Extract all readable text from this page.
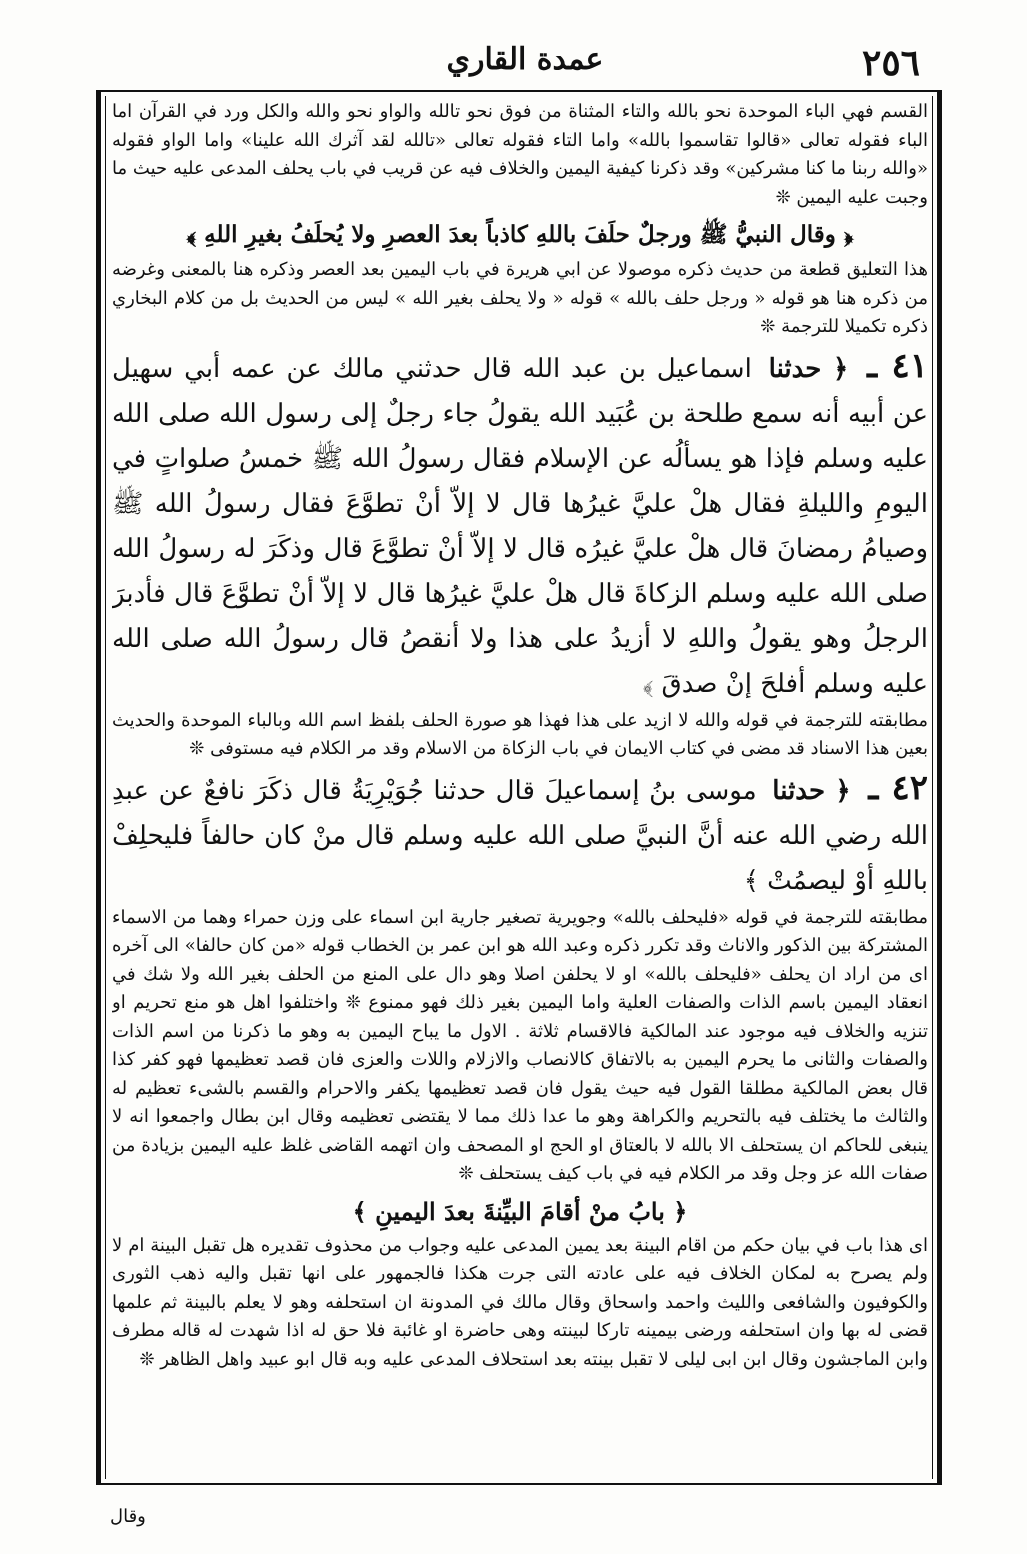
عمدة القاري	٢٥٦

القسم فهي الباء الموحدة نحو بالله والتاء المثناة من فوق نحو تالله والواو نحو والله والكل ورد في القرآن اما الباء فقوله تعالى «قالوا تقاسموا بالله» واما التاء فقوله تعالى «تالله لقد آثرك الله علينا» واما الواو فقوله «والله ربنا ما كنا مشركين» وقد ذكرنا كيفية اليمين والخلاف فيه عن قريب في باب يحلف المدعى عليه حيث ما وجبت عليه اليمين ❊

﴿ وقال النبيُّ ﷺ ورجلٌ حلَفَ باللهِ كاذباً بعدَ العصرِ ولا يُحلَفُ بغيرِ اللهِ ﴾

هذا التعليق قطعة من حديث ذكره موصولا عن ابي هريرة في باب اليمين بعد العصر وذكره هنا بالمعنى وغرضه من ذكره هنا هو قوله « ورجل حلف بالله » قوله « ولا يحلف بغير الله » ليس من الحديث بل من كلام البخاري ذكره تكميلا للترجمة ❊

٤١ ـ ﴿ حدثنا اسماعيل بن عبد الله قال حدثني مالك عن عمه أبي سهيل عن أبيه أنه سمع طلحة بن عُبَيد الله يقولُ جاء رجلٌ إلى رسول الله صلى الله عليه وسلم فإذا هو يسألُه عن الإسلام فقال رسولُ الله ﷺ خمسُ صلواتٍ في اليومِ والليلةِ فقال هلْ عليَّ غيرُها قال لا إلاّ أنْ تطوَّعَ فقال رسولُ الله ﷺ وصيامُ رمضانَ قال هلْ عليَّ غيرُه قال لا إلاّ أنْ تطوَّعَ قال وذكَرَ له رسولُ الله صلى الله عليه وسلم الزكاةَ قال هلْ عليَّ غيرُها قال لا إلاّ أنْ تطوَّعَ قال فأدبرَ الرجلُ وهو يقولُ واللهِ لا أزيدُ على هذا ولا أنقصُ قال رسولُ الله صلى الله عليه وسلم أفلحَ إنْ صدقَ ﴾

مطابقته للترجمة في قوله والله لا ازيد على هذا فهذا هو صورة الحلف بلفظ اسم الله وبالباء الموحدة والحديث بعين هذا الاسناد قد مضى في كتاب الايمان في باب الزكاة من الاسلام وقد مر الكلام فيه مستوفى ❊

٤٢ ـ ﴿ حدثنا موسى بنُ إسماعيلَ قال حدثنا جُوَيْرِيَةُ قال ذكَرَ نافعٌ عن عبدِ الله رضي الله عنه أنَّ النبيَّ صلى الله عليه وسلم قال منْ كان حالفاً فليحلِفْ باللهِ أوْ ليصمُتْ ﴾

مطابقته للترجمة في قوله «فليحلف بالله» وجويرية تصغير جارية ابن اسماء على وزن حمراء وهما من الاسماء المشتركة بين الذكور والاناث وقد تكرر ذكره وعبد الله هو ابن عمر بن الخطاب قوله «من كان حالفا» الى آخره اى من اراد ان يحلف «فليحلف بالله» او لا يحلفن اصلا وهو دال على المنع من الحلف بغير الله ولا شك في انعقاد اليمين باسم الذات والصفات العلية واما اليمين بغير ذلك فهو ممنوع ❊ واختلفوا اهل هو منع تحريم او تنزيه والخلاف فيه موجود عند المالكية فالاقسام ثلاثة . الاول ما يباح اليمين به وهو ما ذكرنا من اسم الذات والصفات والثانى ما يحرم اليمين به بالاتفاق كالانصاب والازلام واللات والعزى فان قصد تعظيمها فهو كفر كذا قال بعض المالكية مطلقا القول فيه حيث يقول فان قصد تعظيمها يكفر والاحرام والقسم بالشىء تعظيم له والثالث ما يختلف فيه بالتحريم والكراهة وهو ما عدا ذلك مما لا يقتضى تعظيمه وقال ابن بطال واجمعوا انه لا ينبغى للحاكم ان يستحلف الا بالله لا بالعتاق او الحج او المصحف وان اتهمه القاضى غلظ عليه اليمين بزيادة من صفات الله عز وجل وقد مر الكلام فيه في باب كيف يستحلف ❊

﴿ بابُ منْ أقامَ البيِّنةَ بعدَ اليمينِ ﴾

اى هذا باب في بيان حكم من اقام البينة بعد يمين المدعى عليه وجواب من محذوف تقديره هل تقبل البينة ام لا ولم يصرح به لمكان الخلاف فيه على عادته التى جرت هكذا فالجمهور على انها تقبل واليه ذهب الثورى والكوفيون والشافعى والليث واحمد واسحاق وقال مالك في المدونة ان استحلفه وهو لا يعلم بالبينة ثم علمها قضى له بها وان استحلفه ورضى بيمينه تاركا لبينته وهى حاضرة او غائبة فلا حق له اذا شهدت له قاله مطرف وابن الماجشون وقال ابن ابى ليلى لا تقبل بينته بعد استحلاف المدعى عليه وبه قال ابو عبيد واهل الظاهر ❊

وقال
